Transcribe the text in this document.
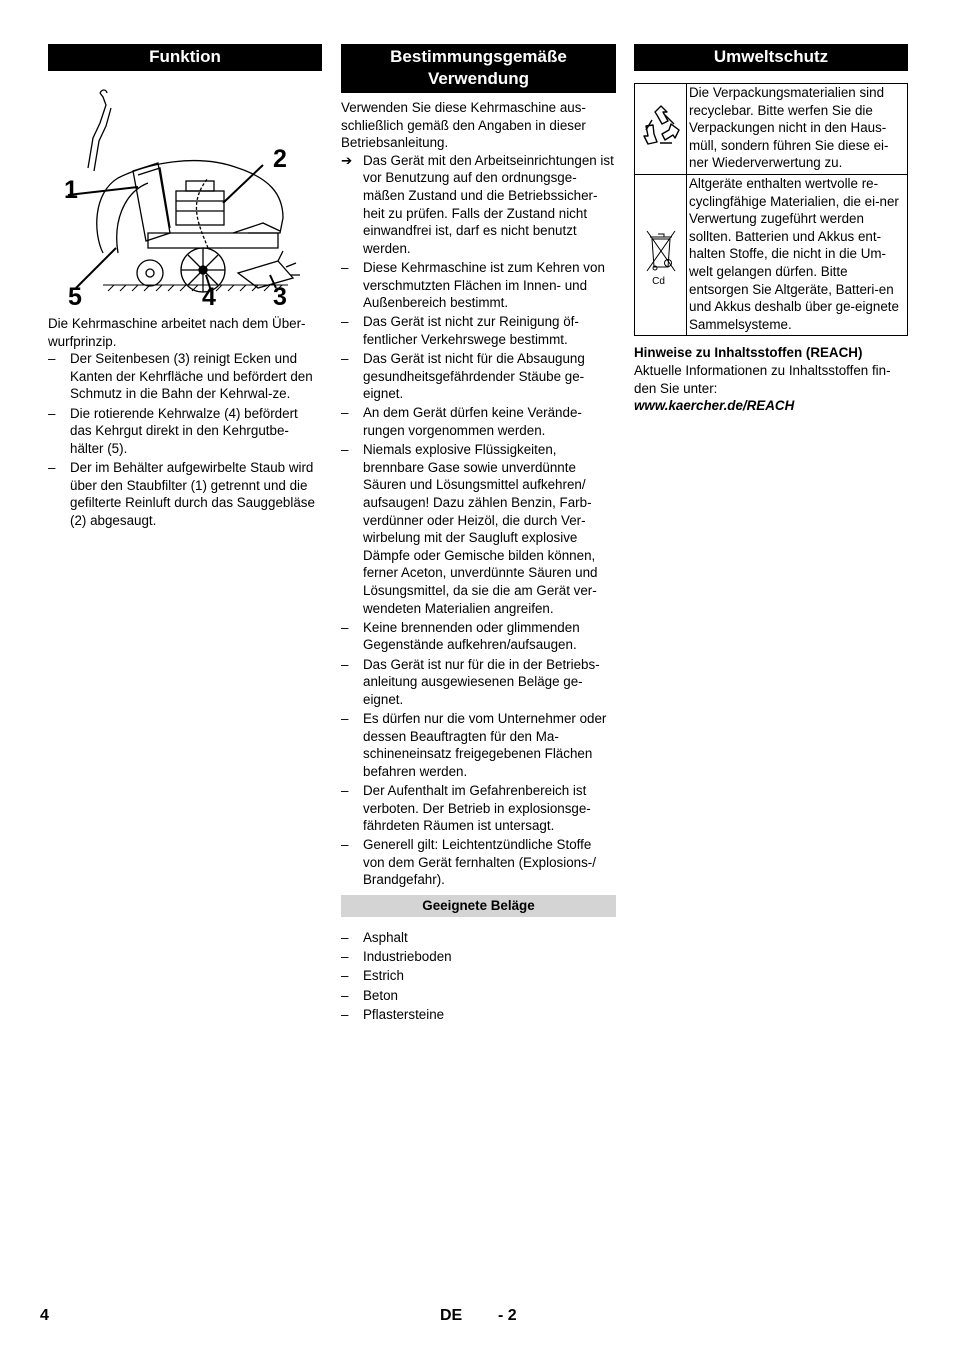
Funktion
1
2
3
4
5

Die Kehrmaschine arbeitet nach dem Über-wurfprinzip.

–	Der Seitenbesen (3) reinigt Ecken und Kanten der Kehrfläche und befördert den Schmutz in die Bahn der Kehrwal-ze.
–	Die rotierende Kehrwalze (4) befördert das Kehrgut direkt in den Kehrgutbe-hälter (5).
–	Der im Behälter aufgewirbelte Staub wird über den Staubfilter (1) getrennt und die gefilterte Reinluft durch das Sauggebläse (2) abgesaugt.
Bestimmungsgemäße
Verwendung

Verwenden Sie diese Kehrmaschine aus-schließlich gemäß den Angaben in dieser Betriebsanleitung.

➔ Das Gerät mit den Arbeitseinrichtungen ist vor Benutzung auf den ordnungsge-mäßen Zustand und die Betriebssicher-heit zu prüfen. Falls der Zustand nicht einwandfrei ist, darf es nicht benutzt werden.
–	Diese Kehrmaschine ist zum Kehren von verschmutzten Flächen im Innen- und Außenbereich bestimmt.
–	Das Gerät ist nicht zur Reinigung öf-fentlicher Verkehrswege bestimmt.
–	Das Gerät ist nicht für die Absaugung gesundheitsgefährdender Stäube ge-eignet.
–	An dem Gerät dürfen keine Verände-rungen vorgenommen werden.
–	Niemals explosive Flüssigkeiten, brennbare Gase sowie unverdünnte Säuren und Lösungsmittel aufkehren/ aufsaugen! Dazu zählen Benzin, Farb-verdünner oder Heizöl, die durch Ver-wirbelung mit der Saugluft explosive Dämpfe oder Gemische bilden können, ferner Aceton, unverdünnte Säuren und Lösungsmittel, da sie die am Gerät ver-wendeten Materialien angreifen.
–	Keine brennenden oder glimmenden Gegenstände aufkehren/aufsaugen.
–	Das Gerät ist nur für die in der Betriebs-anleitung ausgewiesenen Beläge ge-eignet.
–	Es dürfen nur die vom Unternehmer oder dessen Beauftragten für den Ma-schineneinsatz freigegebenen Flächen befahren werden.
–	Der Aufenthalt im Gefahrenbereich ist verboten. Der Betrieb in explosionsge-fährdeten Räumen ist untersagt.
–	Generell gilt: Leichtentzündliche Stoffe von dem Gerät fernhalten (Explosions-/ Brandgefahr).
Geeignete Beläge
–	Asphalt
–	Industrieboden
–	Estrich
–	Beton
–	Pflastersteine
Umweltschutz
	Die Verpackungsmaterialien sind recyclebar. Bitte werfen Sie die Verpackungen nicht in den Haus-müll, sondern führen Sie diese ei-ner Wiederverwertung zu.

Cd	Altgeräte enthalten wertvolle re-cyclingfähige Materialien, die ei-ner Verwertung zugeführt werden sollten. Batterien und Akkus ent-halten Stoffe, die nicht in die Um-welt gelangen dürfen. Bitte entsorgen Sie Altgeräte, Batteri-en und Akkus deshalb über ge-eignete Sammelsysteme.
Hinweise zu Inhaltsstoffen (REACH)

Aktuelle Informationen zu Inhaltsstoffen fin-den Sie unter:

www.kaercher.de/REACH

4	DE - 2
